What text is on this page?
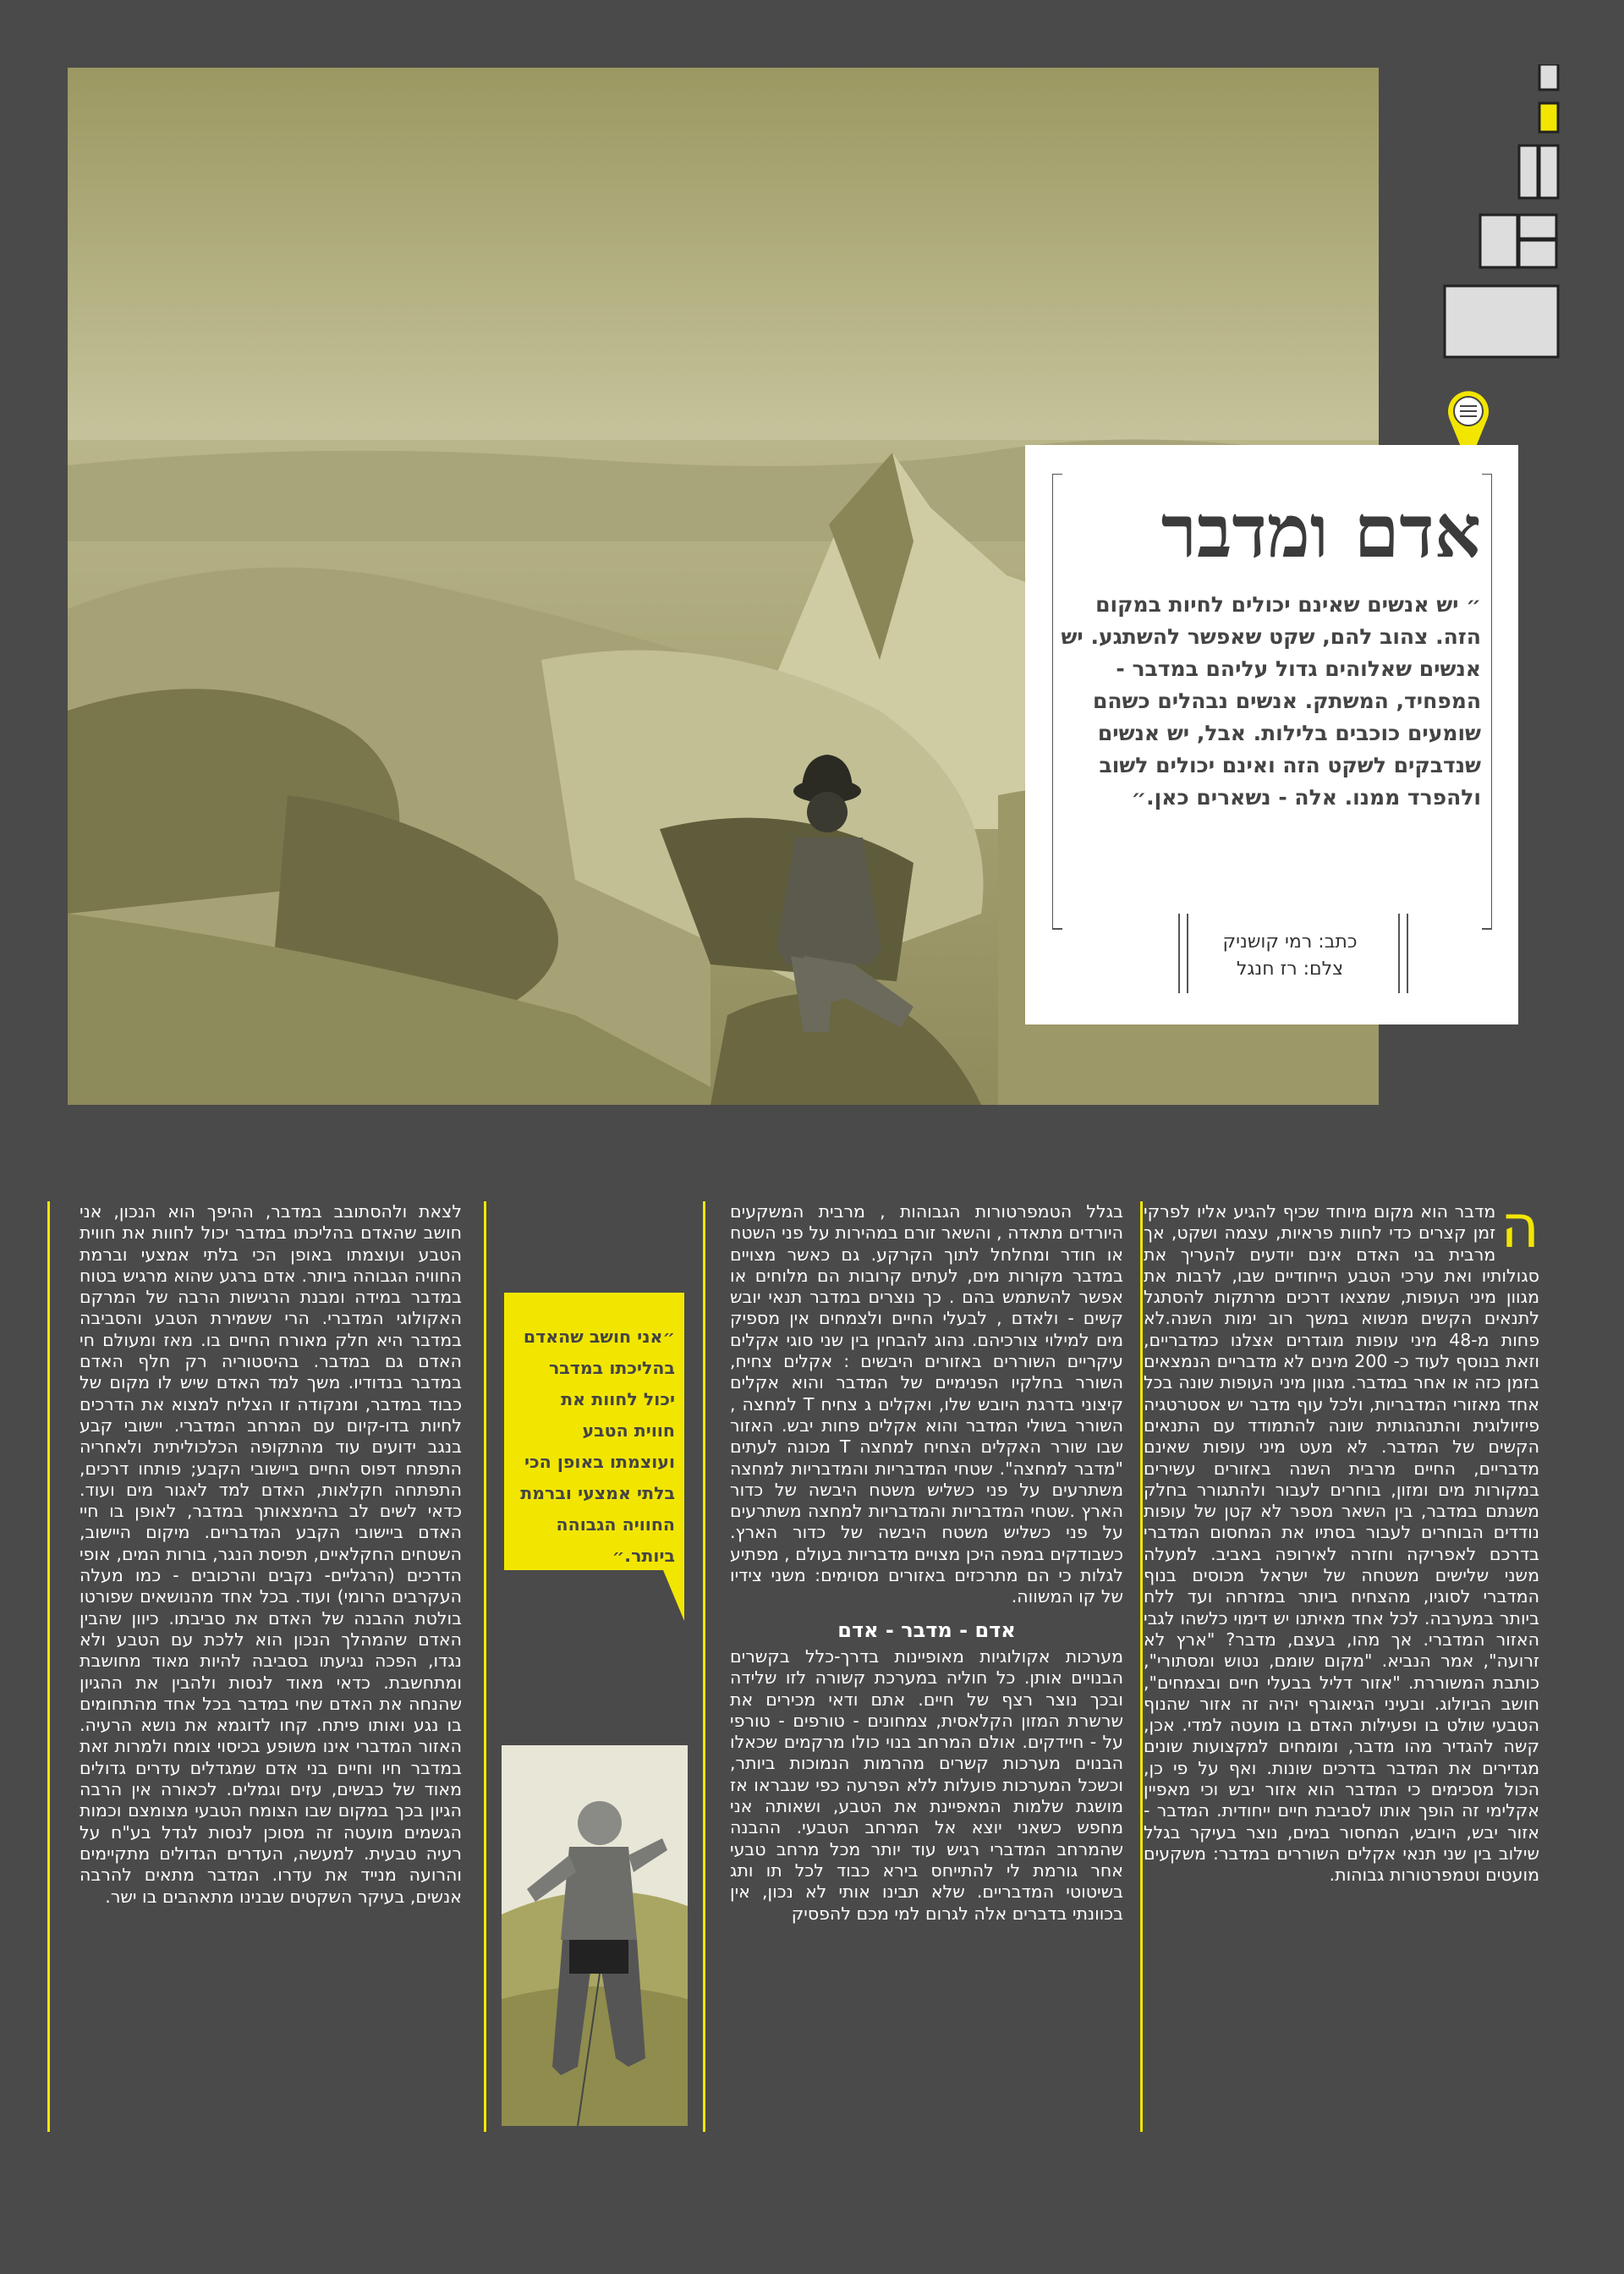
אדם ומדבר

״ יש אנשים שאינם יכולים לחיות במקום הזה. צהוב להם, שקט שאפשר להשתגע. יש אנשים שאלוהים גדול עליהם במדבר - המפחיד, המשתק. אנשים נבהלים כשהם שומעים כוכבים בלילות. אבל, יש אנשים שנדבקים לשקט הזה ואינם יכולים לשוב ולהפרד ממנו. אלה - נשארים כאן.״

כתב: רמי קושניק
צלם: רז חנגל

ה
מדבר הוא מקום מיוחד שכיף להגיע אליו לפרקי זמן קצרים כדי לחוות פראיות, עצמה ושקט, אך מרבית בני האדם אינם יודעים להעריך את סגולותיו ואת ערכי הטבע הייחודיים שבו, לרבות את מגוון מיני העופות, שמצאו דרכים מרתקות להסתגל לתנאים הקשים מנשוא במשך רוב ימות השנה.לא פחות מ-48 מיני עופות מוגדרים אצלנו כמדבריים, וזאת בנוסף לעוד כ- 200 מינים לא מדבריים הנמצאים בזמן כזה או אחר במדבר. מגוון מיני העופות שונה בכל אחד מאזורי המדבריות, ולכל עוף מדבר יש אסטרטגיה פיזיולוגית והתנהגותית שונה להתמודד עם התנאים הקשים של המדבר. לא מעט מיני עופות שאינם מדבריים, החיים מרבית השנה באזורים עשירים במקורות מים ומזון, בוחרים לעבור ולהתגורר בחלק משנתם במדבר, בין השאר מספר לא קטן של עופות נודדים הבוחרים לעבור בסתיו את המחסום המדברי בדרכם לאפריקה וחזרה לאירופה באביב. למעלה משני שלישים משטחה של ישראל מכוסים בנוף המדברי לסוגיו, מהצחיח ביותר במזרחה ועד ללח ביותר במערבה. לכל אחד מאיתנו יש דימוי כלשהו לגבי האזור המדברי. אך מהו, בעצם, מדבר? "ארץ לא זרועה", אמר הנביא. "מקום שומם, נטוש ומסתורי", כותבת המשוררת. "אזור דליל בבעלי חיים ובצמחים", חושב הביולוג. ובעיני הגיאוגרף יהיה זה אזור שהנוף הטבעי שולט בו ופעילות האדם בו מועטה למדי. אכן, קשה להגדיר מהו מדבר, ומומחים למקצועות שונים מגדירים את המדבר בדרכים שונות. ואף על פי כן, הכול מסכימים כי המדבר הוא אזור יבש וכי מאפיין אקלימי זה הופך אותו לסביבת חיים ייחודית. המדבר - אזור יבש, היובש, המחסור במים, נוצר בעיקר בגלל שילוב בין שני תנאי אקלים השוררים במדבר: משקעים מועטים וטמפרטורות גבוהות.

בגלל הטמפרטורות הגבוהות , מרבית המשקעים היורדים מתאדה , והשאר זורם במהירות על פני השטח או חודר ומחלחל לתוך הקרקע. גם כאשר מצויים במדבר מקורות מים, לעתים קרובות הם מלוחים או אפשר להשתמש בהם . כך נוצרים במדבר תנאי יובש קשים - ולאדם , לבעלי החיים ולצמחים אין מספיק מים למילוי צורכיהם. נהוג להבחין בין שני סוגי אקלים עיקריים השוררים באזורים היבשים : אקלים צחיח, השורר בחלקיו הפנימיים של המדבר והוא אקלים קיצוני בדרגת היובש שלו, ואקלים ג צחיח T למחצה , השורר בשולי המדבר והוא אקלים פחות יבש. האזור שבו שורר האקלים הצחיח למחצה T מכונה לעתים "מדבר למחצה". שטחי המדבריות והמדבריות למחצה משתרעים על פני כשליש משטח היבשה של כדור הארץ .שטחי המדבריות והמדבריות למחצה משתרעים על פני כשליש משטח היבשה של כדור הארץ. כשבודקים במפה היכן מצויים מדבריות בעולם , מפתיע לגלות כי הם מתרכזים באזורים מסוימים: משני צידיו של קו המשווה.

אדם - מדבר - אדם

מערכות אקולוגיות מאופיינות בדרך-כלל בקשרים הבנויים אותן. כל חוליה במערכת קשורה לזו שלידה ובכך נוצר רצף של חיים. אתם ודאי מכירים את שרשרת המזון הקלאסית, צמחונים - טורפים - טורפי על - חיידקים. אולם המרחב בנוי כולו מרקמים שכאלו הבנוים מערכות קשרים מהרמות הנמוכות ביותר, וכשכל המערכות פועלות ללא הפרעה כפי שנבראו אז מושגת שלמות המאפיינת את הטבע, ושאותה אני מחפש כשאני יוצא אל המרחב הטבעי. ההבנה שהמרחב המדברי רגיש עוד יותר מכל מרחב טבעי אחר גורמת לי להתייחס בירא כבוד לכל תו ותג בשיטוטי המדבריים. שלא תבינו אותי לא נכון, אין בכוונתי בדברים אלה לגרום למי מכם להפסיק

״אני חושב שהאדם בהליכתו במדבר יכול לחוות את חווית הטבע ועוצמתו באופן הכי בלתי אמצעי וברמת החוויה הגבוהה ביותר.״

לצאת ולהסתובב במדבר, ההיפך הוא הנכון, אני חושב שהאדם בהליכתו במדבר יכול לחוות את חווית הטבע ועוצמתו באופן הכי בלתי אמצעי וברמת החוויה הגבוהה ביותר. אדם ברגע שהוא מרגיש בטוח במדבר במידה ומבנת הרגישות הרבה של המרקם האקולוגי המדברי. הרי ששמירת הטבע והסביבה במדבר היא חלק מאורח החיים בו. מאז ומעולם חי האדם גם במדבר. בהיסטוריה רק חלף האדם במדבר בנדודיו. משך למד האדם שיש לו מקום של כבוד במדבר, ומנקודה זו הצליח למצוא את הדרכים לחיות בדו-קיום עם המרחב המדברי. יישובי קבע בנגב ידועים עוד מהתקופה הכלכוליתית ולאחריה התפתח דפוס החיים ביישובי הקבע; פותחו דרכים, התפתחה חקלאות, האדם למד לאגור מים ועוד. כדאי לשים לב בהימצאותך במדבר, לאופן בו חיי האדם ביישובי הקבע המדבריים. מיקום היישוב, השטחים החקלאיים, תפיסת הנגר, בורות המים, אופי הדרכים (הרגליים- נקבים והרכובים - כמו מעלה העקרבים הרומי) ועוד. בכל אחד מהנושאים שפורטו בולטת ההבנה של האדם את סביבתו. כיוון שהבין האדם שהמהלך הנכון הוא ללכת עם הטבע ולא נגדו, הפכה נגיעתו בסביבה להיות מאוד מחושבת ומתחשבת. כדאי מאוד לנסות ולהבין את ההגיון שהנחה את האדם שחי במדבר בכל אחד מהתחומים בו נגע ואותו פיתח. קחו לדוגמא את נושא הרעיה. האזור המדברי אינו משופע בכיסוי צומח ולמרות זאת במדבר חיו וחיים בני אדם שמגדלים עדרים גדולים מאוד של כבשים, עזים וגמלים. לכאורה אין הרבה הגיון בכך במקום שבו הצומח הטבעי מצומצם וכמות הגשמים מועטה זה מסוכן לנסות לגדל בע"ח על רעיה טבעית. למעשה, העדרים הגדולים מתקיימים והרועה מנייד את עדרו. המדבר מתאים להרבה אנשים, בעיקר השקטים שבנינו מתאהבים בו ישר.
